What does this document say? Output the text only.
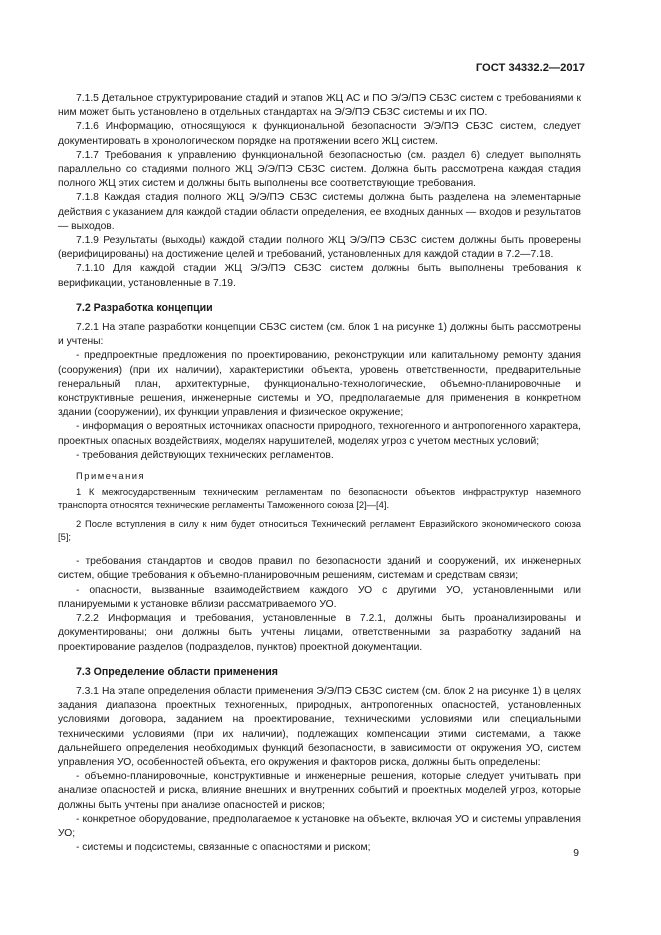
ГОСТ 34332.2—2017

7.1.5 Детальное структурирование стадий и этапов ЖЦ АС и ПО Э/Э/ПЭ СБЗС систем с требованиями к ним может быть установлено в отдельных стандартах на Э/Э/ПЭ СБЗС системы и их ПО.

7.1.6 Информацию, относящуюся к функциональной безопасности Э/Э/ПЭ СБЗС систем, следует документировать в хронологическом порядке на протяжении всего ЖЦ систем.

7.1.7 Требования к управлению функциональной безопасностью (см. раздел 6) следует выполнять параллельно со стадиями полного ЖЦ Э/Э/ПЭ СБЗС систем. Должна быть рассмотрена каждая стадия полного ЖЦ этих систем и должны быть выполнены все соответствующие требования.

7.1.8 Каждая стадия полного ЖЦ Э/Э/ПЭ СБЗС системы должна быть разделена на элементарные действия с указанием для каждой стадии области определения, ее входных данных — входов и результатов — выходов.

7.1.9 Результаты (выходы) каждой стадии полного ЖЦ Э/Э/ПЭ СБЗС систем должны быть проверены (верифицированы) на достижение целей и требований, установленных для каждой стадии в 7.2—7.18.

7.1.10 Для каждой стадии ЖЦ Э/Э/ПЭ СБЗС систем должны быть выполнены требования к верификации, установленные в 7.19.

7.2 Разработка концепции

7.2.1 На этапе разработки концепции СБЗС систем (см. блок 1 на рисунке 1) должны быть рассмотрены и учтены:

- предпроектные предложения по проектированию, реконструкции или капитальному ремонту здания (сооружения) (при их наличии), характеристики объекта, уровень ответственности, предварительные генеральный план, архитектурные, функционально-технологические, объемно-планировочные и конструктивные решения, инженерные системы и УО, предполагаемые для применения в конкретном здании (сооружении), их функции управления и физическое окружение;

- информация о вероятных источниках опасности природного, техногенного и антропогенного характера, проектных опасных воздействиях, моделях нарушителей, моделях угроз с учетом местных условий;

- требования действующих технических регламентов.

Примечания

1 К межгосударственным техническим регламентам по безопасности объектов инфраструктур наземного транспорта относятся технические регламенты Таможенного союза [2]—[4].

2 После вступления в силу к ним будет относиться Технический регламент Евразийского экономического союза [5];

- требования стандартов и сводов правил по безопасности зданий и сооружений, их инженерных систем, общие требования к объемно-планировочным решениям, системам и средствам связи;

- опасности, вызванные взаимодействием каждого УО с другими УО, установленными или планируемыми к установке вблизи рассматриваемого УО.

7.2.2 Информация и требования, установленные в 7.2.1, должны быть проанализированы и документированы; они должны быть учтены лицами, ответственными за разработку заданий на проектирование разделов (подразделов, пунктов) проектной документации.

7.3 Определение области применения

7.3.1 На этапе определения области применения Э/Э/ПЭ СБЗС систем (см. блок 2 на рисунке 1) в целях задания диапазона проектных техногенных, природных, антропогенных опасностей, установленных условиями договора, заданием на проектирование, техническими условиями или специальными техническими условиями (при их наличии), подлежащих компенсации этими системами, а также дальнейшего определения необходимых функций безопасности, в зависимости от окружения УО, систем управления УО, особенностей объекта, его окружения и факторов риска, должны быть определены:

- объемно-планировочные, конструктивные и инженерные решения, которые следует учитывать при анализе опасностей и риска, влияние внешних и внутренних событий и проектных моделей угроз, которые должны быть учтены при анализе опасностей и рисков;

- конкретное оборудование, предполагаемое к установке на объекте, включая УО и системы управления УО;

- системы и подсистемы, связанные с опасностями и риском;

9
